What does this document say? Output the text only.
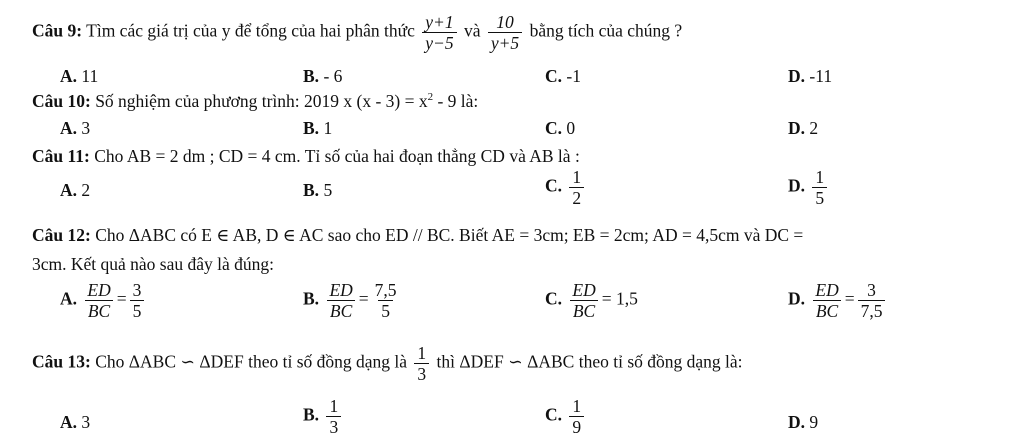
Câu 9: Tìm các giá trị của y để tổng của hai phân thức $\frac{y+1}{y-5}$ và $\frac{10}{y+5}$ bằng tích của chúng ?
A. 11	B. - 6	C. -1	D. -11
Câu 10: Số nghiệm của phương trình: 2019 x $(x - 3) = x^2 - 9$ là:
A. 3	B. 1	C. 0	D. 2
Câu 11: Cho AB = 2 dm ; CD = 4 cm. Tỉ số của hai đoạn thẳng CD và AB là :
A. 2	B. 5	C. $\frac{1}{2}$	D. $\frac{1}{5}$
Câu 12: Cho ΔABC có E ∈ AB, D ∈ AC sao cho ED // BC. Biết AE = 3cm; EB = 2cm; AD = 4,5cm và DC =
3cm. Kết quả nào sau đây là đúng:
A. $\frac{ED}{BC} = \frac{3}{5}$	B. $\frac{ED}{BC} = \frac{7,5}{5}$	C. $\frac{ED}{BC} = 1,5$	D. $\frac{ED}{BC} = \frac{3}{7,5}$
Câu 13: Cho ΔABC ∽ ΔDEF theo tỉ số đồng dạng là $\frac{1}{3}$ thì ΔDEF ∽ ΔABC theo tỉ số đồng dạng là:
A. 3	B. $\frac{1}{3}$	C. $\frac{1}{9}$	D. 9
